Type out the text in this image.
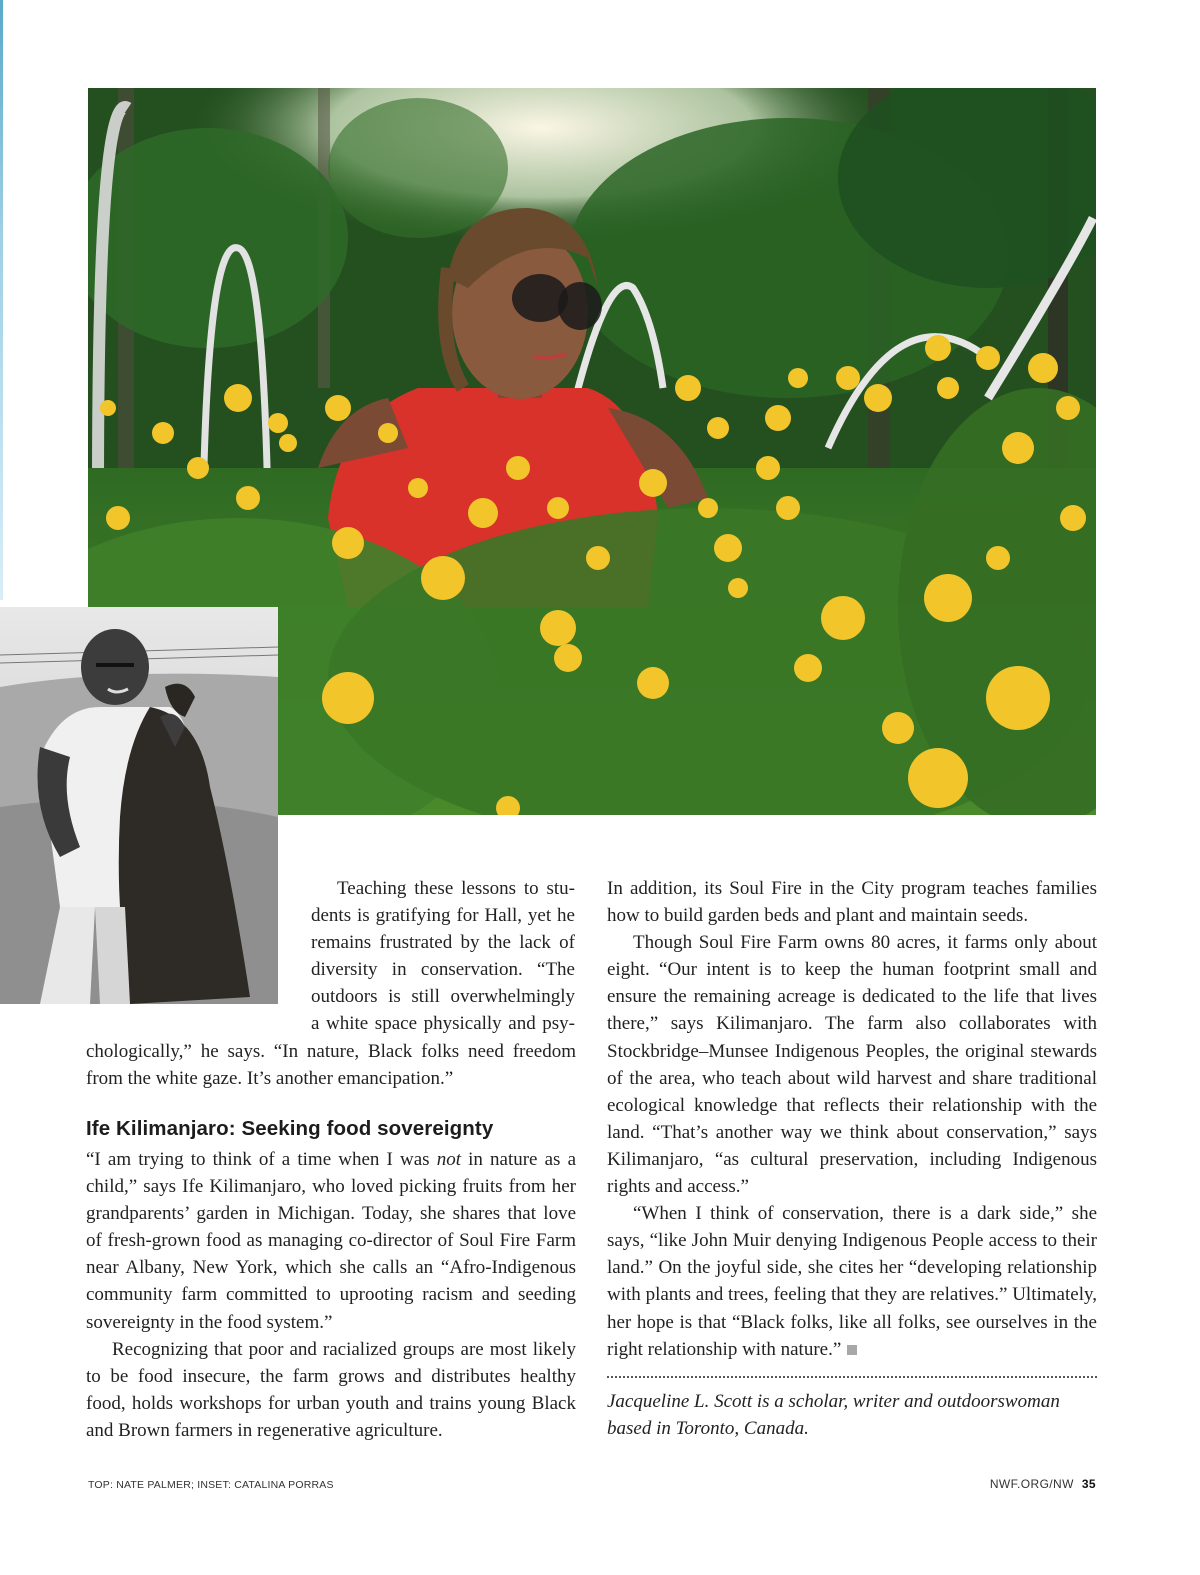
Teaching these lessons to stu-
dents is gratifying for Hall, yet he
remains frustrated by the lack of
diversity in conservation. “The
outdoors is still overwhelmingly
a white space physically and psy-

chologically,” he says. “In nature, Black folks need freedom from the white gaze. It’s another emancipation.”

Ife Kilimanjaro: Seeking food sovereignty

“I am trying to think of a time when I was not in nature as a child,” says Ife Kilimanjaro, who loved picking fruits from her grandparents’ garden in Michigan. Today, she shares that love of fresh-grown food as managing co-director of Soul Fire Farm near Albany, New York, which she calls an “Afro-Indigenous community farm committed to uprooting racism and seeding sovereignty in the food system.”

Recognizing that poor and racialized groups are most likely to be food insecure, the farm grows and distributes healthy food, holds workshops for urban youth and trains young Black and Brown farmers in regenerative agriculture.

In addition, its Soul Fire in the City program teaches families how to build garden beds and plant and maintain seeds.

Though Soul Fire Farm owns 80 acres, it farms only about eight. “Our intent is to keep the human footprint small and ensure the remaining acreage is dedicated to the life that lives there,” says Kilimanjaro. The farm also collaborates with Stockbridge–Munsee Indigenous Peoples, the original stewards of the area, who teach about wild harvest and share traditional ecological knowledge that reflects their relationship with the land. “That’s another way we think about conservation,” says Kilimanjaro, “as cultural preservation, including Indigenous rights and access.”

“When I think of conservation, there is a dark side,” she says, “like John Muir denying Indigenous People access to their land.” On the joyful side, she cites her “developing relationship with plants and trees, feeling that they are relatives.” Ultimately, her hope is that “Black folks, like all folks, see ourselves in the right relationship with nature.”

Jacqueline L. Scott is a scholar, writer and outdoorswoman based in Toronto, Canada.

TOP: NATE PALMER; INSET: CATALINA PORRAS	NWF.ORG/NW 35
